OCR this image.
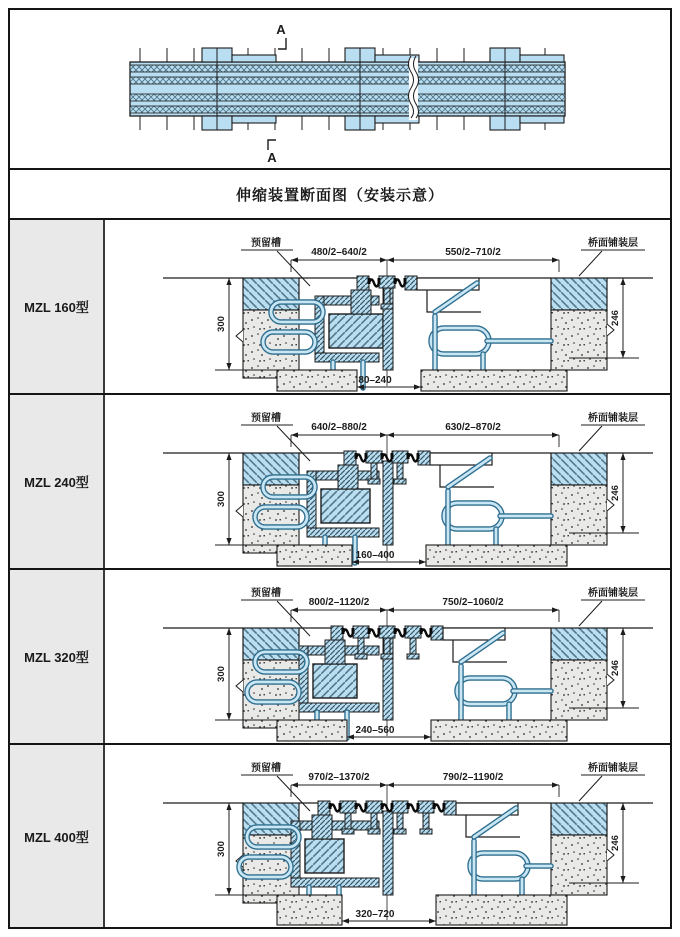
A
A
伸缩装置断面图（安装示意）
MZL 160型
480/2–640/2	550/2–710/2
预留槽	桥面铺装层
300	246
80–240
MZL 240型
640/2–880/2	630/2–870/2
预留槽	桥面铺装层
300	246
160–400
MZL 320型
800/2–1120/2	750/2–1060/2
预留槽	桥面铺装层
300	246
240–560
MZL 400型
970/2–1370/2	790/2–1190/2
预留槽	桥面铺装层
300	246
320–720
